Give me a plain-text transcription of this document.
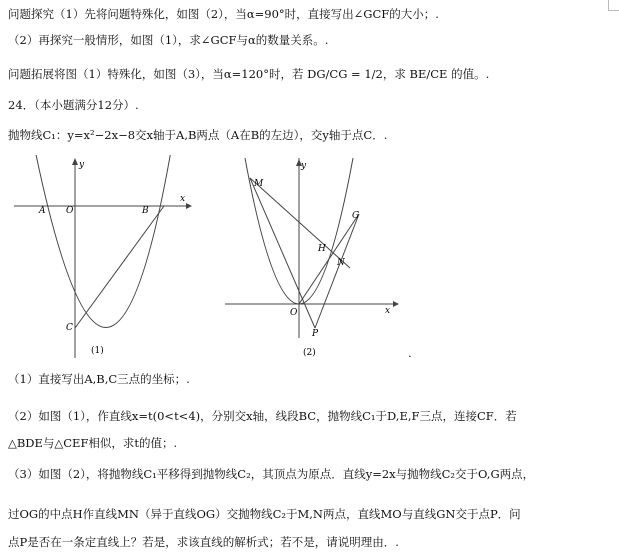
问题探究（1）先将问题特殊化，如图（2），当α=90°时，直接写出∠GCF的大小；.
（2）再探究一般情形，如图（1），求∠GCF与α的数量关系。.
问题拓展将图（1）特殊化，如图（3），当α=120°时，若 DG/CG = 1/2，求 BE/CE 的值。.
24．（本小题满分12分）.
抛物线C₁：y=x²−2x−8交x轴于A,B两点（A在B的左边），交y轴于点C．.
y
x
A O	B
C
(1)
y
x
M
G
H
N
O
P
(2)	.
（1）直接写出A,B,C三点的坐标；.
（2）如图（1），作直线x=t(0<t<4)，分别交x轴，线段BC，抛物线C₁于D,E,F三点，连接CF．若
△BDE与△CEF相似，求t的值；.
（3）如图（2），将抛物线C₁平移得到抛物线C₂，其顶点为原点．直线y=2x与抛物线C₂交于O,G两点，
过OG的中点H作直线MN（异于直线OG）交抛物线C₂于M,N两点，直线MO与直线GN交于点P．问
点P是否在一条定直线上？若是，求该直线的解析式；若不是，请说明理由．.
